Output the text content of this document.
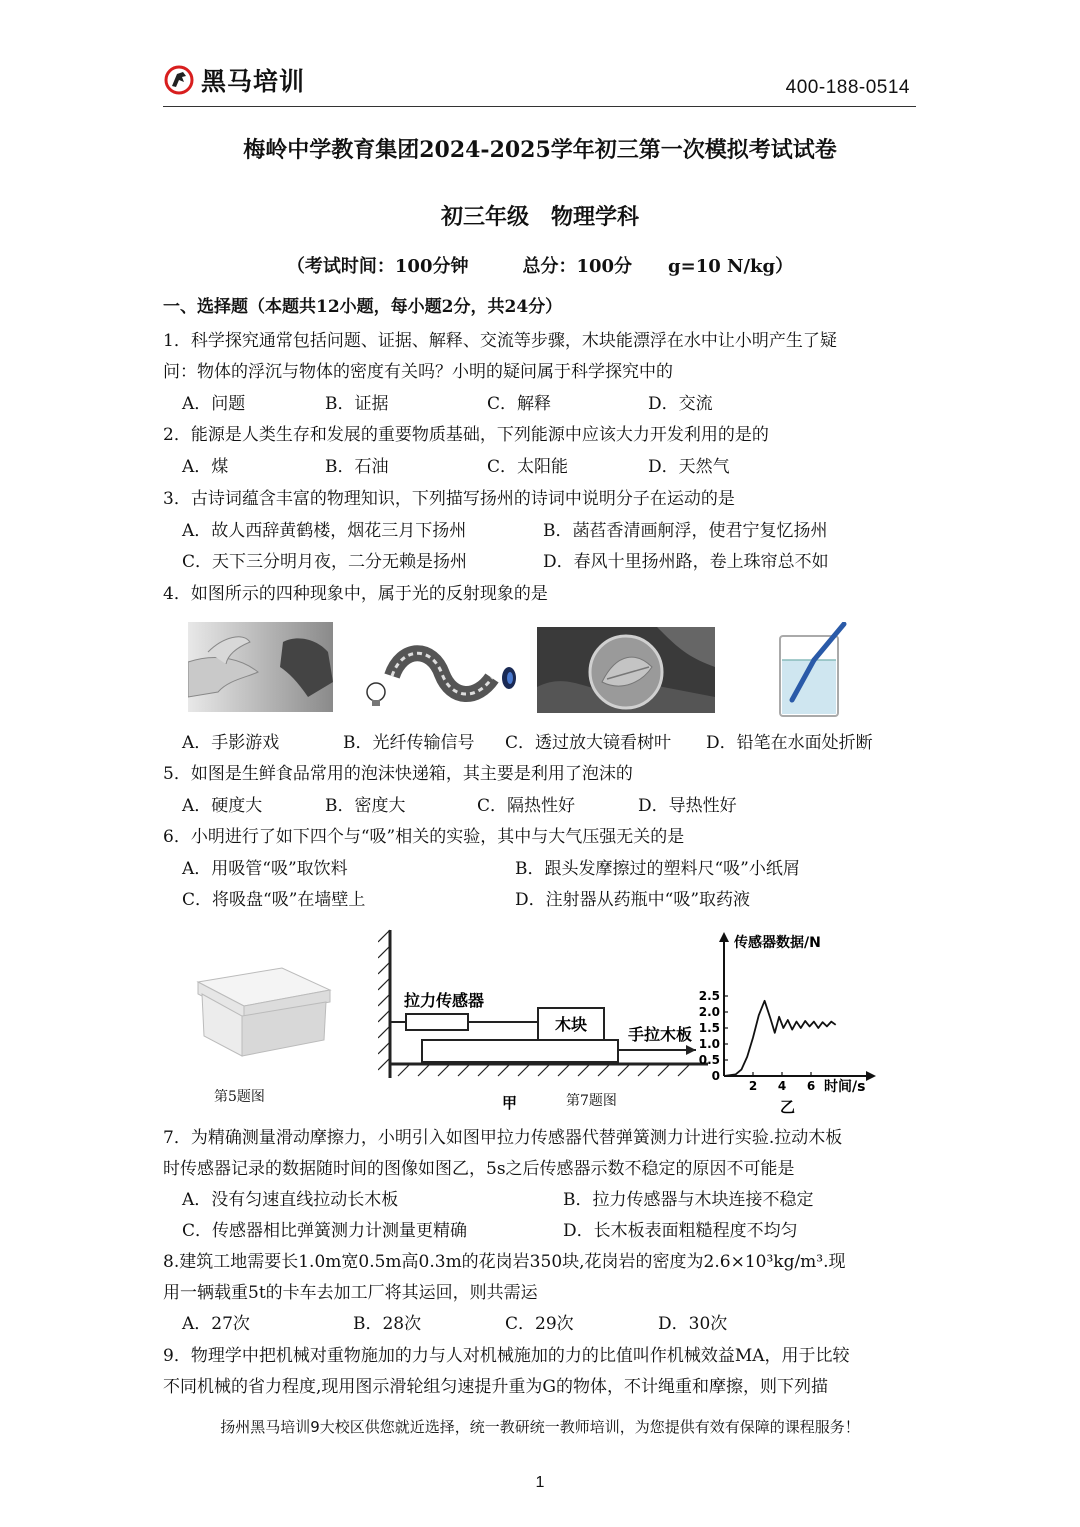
黑马培训	400-188-0514
梅岭中学教育集团2024-2025学年初三第一次模拟考试试卷
初三年级　物理学科
（考试时间：100分钟　　　总分：100分　　g=10 N/kg）
一、选择题（本题共12小题，每小题2分，共24分）
1．科学探究通常包括问题、证据、解释、交流等步骤，木块能漂浮在水中让小明产生了疑
问：物体的浮沉与物体的密度有关吗？小明的疑问属于科学探究中的
A．问题	B．证据	C．解释	D．交流
2．能源是人类生存和发展的重要物质基础，下列能源中应该大力开发利用的是的
A．煤	B．石油	C．太阳能	D．天然气
3．古诗词蕴含丰富的物理知识，下列描写扬州的诗词中说明分子在运动的是
A．故人西辞黄鹤楼，烟花三月下扬州	B．菡萏香清画舸浮，使君宁复忆扬州
C．天下三分明月夜，二分无赖是扬州	D．春风十里扬州路，卷上珠帘总不如
4．如图所示的四种现象中，属于光的反射现象的是
A．手影游戏	B．光纤传输信号 C．透过放大镜看树叶 D．铅笔在水面处折断
5．如图是生鲜食品常用的泡沫快递箱，其主要是利用了泡沫的
A．硬度大	B．密度大	C．隔热性好	D．导热性好
6．小明进行了如下四个与“吸”相关的实验，其中与大气压强无关的是
A．用吸管“吸”取饮料	B．跟头发摩擦过的塑料尺“吸”小纸屑
C．将吸盘“吸”在墙壁上	D．注射器从药瓶中“吸”取药液
第5题图
木块
拉力传感器
手拉木板
甲	第7题图
传感器数据/N
时间/s
乙
0
0.5
1.0
1.5
2.0
2.5
2 4 6
7．为精确测量滑动摩擦力，小明引入如图甲拉力传感器代替弹簧测力计进行实验.拉动木板
时传感器记录的数据随时间的图像如图乙，5s之后传感器示数不稳定的原因不可能是
A．没有匀速直线拉动长木板	B．拉力传感器与木块连接不稳定
C．传感器相比弹簧测力计测量更精确	D．长木板表面粗糙程度不均匀
8.建筑工地需要长1.0m宽0.5m高0.3m的花岗岩350块,花岗岩的密度为2.6×10³kg/m³.现
用一辆载重5t的卡车去加工厂将其运回，则共需运
A．27次	B．28次	C．29次	D．30次
9．物理学中把机械对重物施加的力与人对机械施加的力的比值叫作机械效益MA，用于比较
不同机械的省力程度,现用图示滑轮组匀速提升重为G的物体，不计绳重和摩擦，则下列描
扬州黑马培训9大校区供您就近选择，统一教研统一教师培训，为您提供有效有保障的课程服务！
1
